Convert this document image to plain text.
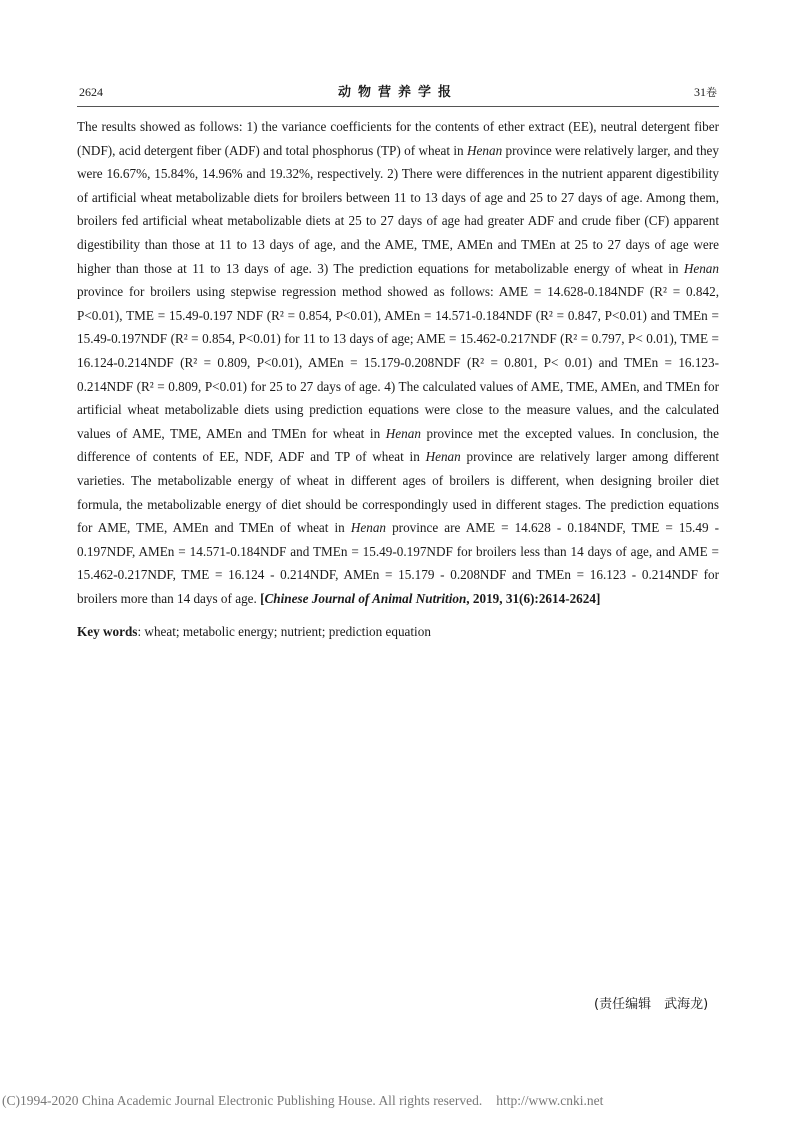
2624	动物营养学报	31卷
The results showed as follows: 1) the variance coefficients for the contents of ether extract (EE), neutral detergent fiber (NDF), acid detergent fiber (ADF) and total phosphorus (TP) of wheat in Henan province were relatively larger, and they were 16.67%, 15.84%, 14.96% and 19.32%, respectively. 2) There were differences in the nutrient apparent digestibility of artificial wheat metabolizable diets for broilers between 11 to 13 days of age and 25 to 27 days of age. Among them, broilers fed artificial wheat metabolizable diets at 25 to 27 days of age had greater ADF and crude fiber (CF) apparent digestibility than those at 11 to 13 days of age, and the AME, TME, AMEn and TMEn at 25 to 27 days of age were higher than those at 11 to 13 days of age. 3) The prediction equations for metabolizable energy of wheat in Henan province for broilers using stepwise regression method showed as follows: AME = 14.628-0.184NDF (R² = 0.842, P<0.01), TME = 15.49-0.197 NDF (R² = 0.854, P<0.01), AMEn = 14.571-0.184NDF (R² = 0.847, P<0.01) and TMEn = 15.49-0.197NDF (R² = 0.854, P<0.01) for 11 to 13 days of age; AME = 15.462-0.217NDF (R² = 0.797, P< 0.01), TME = 16.124-0.214NDF (R² = 0.809, P<0.01), AMEn = 15.179-0.208NDF (R² = 0.801, P< 0.01) and TMEn = 16.123-0.214NDF (R² = 0.809, P<0.01) for 25 to 27 days of age. 4) The calculated values of AME, TME, AMEn, and TMEn for artificial wheat metabolizable diets using prediction equations were close to the measure values, and the calculated values of AME, TME, AMEn and TMEn for wheat in Henan province met the excepted values. In conclusion, the difference of contents of EE, NDF, ADF and TP of wheat in Henan province are relatively larger among different varieties. The metabolizable energy of wheat in different ages of broilers is different, when designing broiler diet formula, the metabolizable energy of diet should be correspondingly used in different stages. The prediction equations for AME, TME, AMEn and TMEn of wheat in Henan province are AME = 14.628 - 0.184NDF, TME = 15.49 - 0.197NDF, AMEn = 14.571-0.184NDF and TMEn = 15.49-0.197NDF for broilers less than 14 days of age, and AME = 15.462-0.217NDF, TME = 16.124 - 0.214NDF, AMEn = 15.179 - 0.208NDF and TMEn = 16.123 - 0.214NDF for broilers more than 14 days of age. [Chinese Journal of Animal Nutrition, 2019, 31(6):2614-2624]
Key words: wheat; metabolic energy; nutrient; prediction equation
(责任编辑　武海龙)
(C)1994-2020 China Academic Journal Electronic Publishing House. All rights reserved. http://www.cnki.net
